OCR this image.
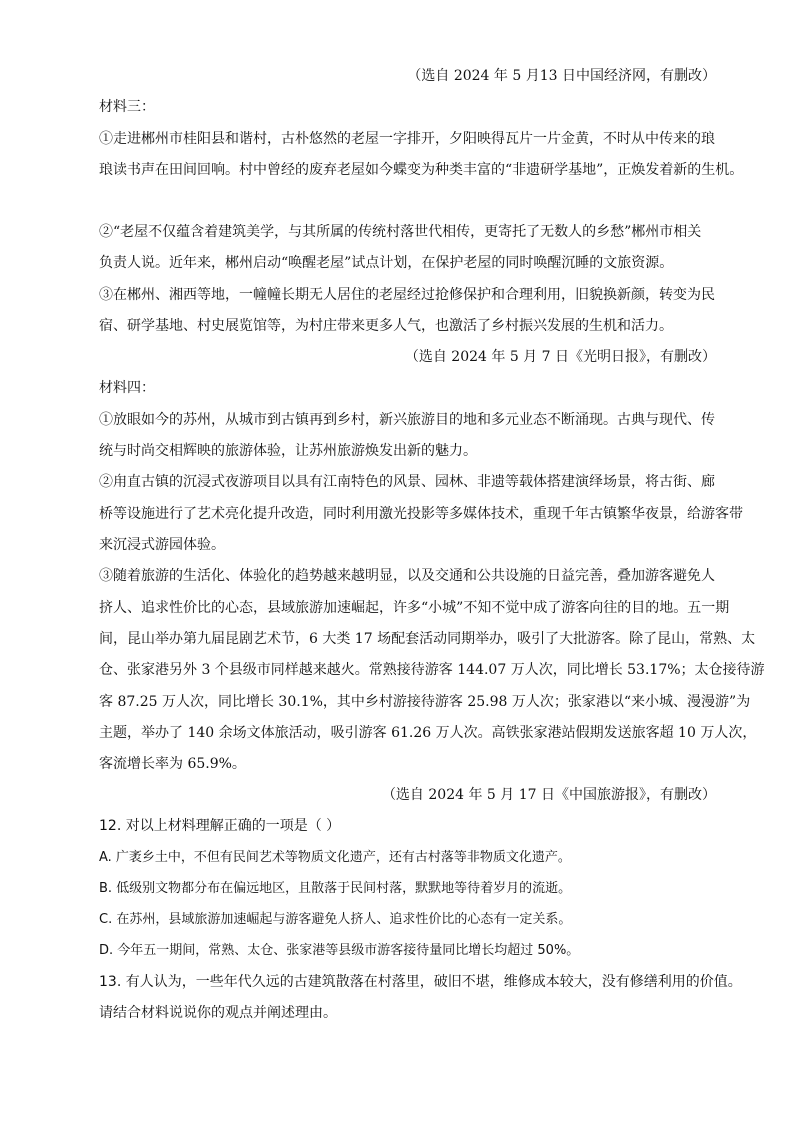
（选自 2024 年 5 月13 日中国经济网，有删改）
材料三：
①走进郴州市桂阳县和谐村，古朴悠然的老屋一字排开，夕阳映得瓦片一片金黄，不时从中传来的琅
琅读书声在田间回响。村中曾经的废弃老屋如今蝶变为种类丰富的“非遗研学基地”，正焕发着新的生机。
②“老屋不仅蕴含着建筑美学，与其所属的传统村落世代相传，更寄托了无数人的乡愁”郴州市相关
负责人说。近年来，郴州启动“唤醒老屋”试点计划，在保护老屋的同时唤醒沉睡的文旅资源。
③在郴州、湘西等地，一幢幢长期无人居住的老屋经过抢修保护和合理利用，旧貌换新颜，转变为民
宿、研学基地、村史展览馆等，为村庄带来更多人气，也激活了乡村振兴发展的生机和活力。
（选自 2024 年 5 月 7 日《光明日报》，有删改）
材料四：
①放眼如今的苏州，从城市到古镇再到乡村，新兴旅游目的地和多元业态不断涌现。古典与现代、传
统与时尚交相辉映的旅游体验，让苏州旅游焕发出新的魅力。
②甪直古镇的沉浸式夜游项目以具有江南特色的风景、园林、非遗等载体搭建演绎场景，将古街、廊
桥等设施进行了艺术亮化提升改造，同时利用激光投影等多媒体技术，重现千年古镇繁华夜景，给游客带
来沉浸式游园体验。
③随着旅游的生活化、体验化的趋势越来越明显，以及交通和公共设施的日益完善，叠加游客避免人
挤人、追求性价比的心态，县域旅游加速崛起，许多“小城”不知不觉中成了游客向往的目的地。五一期
间，昆山举办第九届昆剧艺术节，6 大类 17 场配套活动同期举办，吸引了大批游客。除了昆山，常熟、太
仓、张家港另外 3 个县级市同样越来越火。常熟接待游客 144.07 万人次，同比增长 53.17%；太仓接待游
客 87.25 万人次，同比增长 30.1%，其中乡村游接待游客 25.98 万人次；张家港以“来小城、漫漫游”为
主题，举办了 140 余场文体旅活动，吸引游客 61.26 万人次。高铁张家港站假期发送旅客超 10 万人次，
客流增长率为 65.9%。
（选自 2024 年 5 月 17 日《中国旅游报》，有删改）
12. 对以上材料理解正确的一项是（ ）
A. 广袤乡土中，不但有民间艺术等物质文化遗产，还有古村落等非物质文化遗产。
B. 低级别文物都分布在偏远地区，且散落于民间村落，默默地等待着岁月的流逝。
C. 在苏州，县域旅游加速崛起与游客避免人挤人、追求性价比的心态有一定关系。
D. 今年五一期间，常熟、太仓、张家港等县级市游客接待量同比增长均超过 50%。
13. 有人认为，一些年代久远的古建筑散落在村落里，破旧不堪，维修成本较大，没有修缮利用的价值。
请结合材料说说你的观点并阐述理由。
